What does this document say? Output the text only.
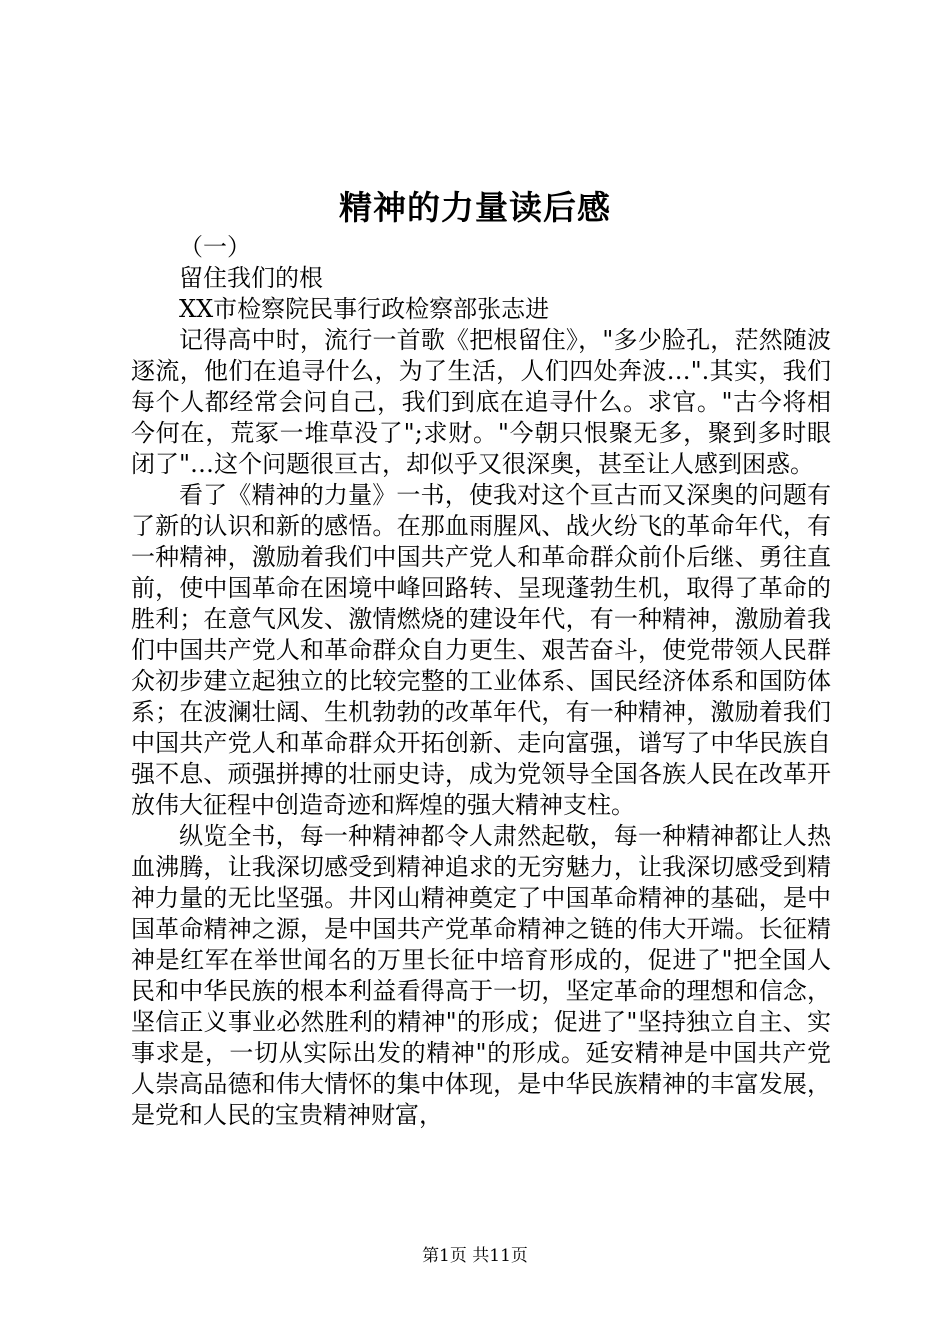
精神的力量读后感

（一）

留住我们的根

XX市检察院民事行政检察部张志进

记得高中时，流行一首歌《把根留住》，"多少脸孔，茫然随波逐流，他们在追寻什么，为了生活，人们四处奔波…".其实，我们每个人都经常会问自己，我们到底在追寻什么。求官。"古今将相今何在，荒冢一堆草没了";求财。"今朝只恨聚无多，聚到多时眼闭了"…这个问题很亘古，却似乎又很深奥，甚至让人感到困惑。

看了《精神的力量》一书，使我对这个亘古而又深奥的问题有了新的认识和新的感悟。在那血雨腥风、战火纷飞的革命年代，有一种精神，激励着我们中国共产党人和革命群众前仆后继、勇往直前，使中国革命在困境中峰回路转、呈现蓬勃生机，取得了革命的胜利；在意气风发、激情燃烧的建设年代，有一种精神，激励着我们中国共产党人和革命群众自力更生、艰苦奋斗，使党带领人民群众初步建立起独立的比较完整的工业体系、国民经济体系和国防体系；在波澜壮阔、生机勃勃的改革年代，有一种精神，激励着我们中国共产党人和革命群众开拓创新、走向富强，谱写了中华民族自强不息、顽强拼搏的壮丽史诗，成为党领导全国各族人民在改革开放伟大征程中创造奇迹和辉煌的强大精神支柱。

纵览全书，每一种精神都令人肃然起敬，每一种精神都让人热血沸腾，让我深切感受到精神追求的无穷魅力，让我深切感受到精神力量的无比坚强。井冈山精神奠定了中国革命精神的基础，是中国革命精神之源，是中国共产党革命精神之链的伟大开端。长征精神是红军在举世闻名的万里长征中培育形成的，促进了"把全国人民和中华民族的根本利益看得高于一切，坚定革命的理想和信念，坚信正义事业必然胜利的精神"的形成；促进了"坚持独立自主、实事求是，一切从实际出发的精神"的形成。延安精神是中国共产党人崇高品德和伟大情怀的集中体现，是中华民族精神的丰富发展，是党和人民的宝贵精神财富，

第1页 共11页
